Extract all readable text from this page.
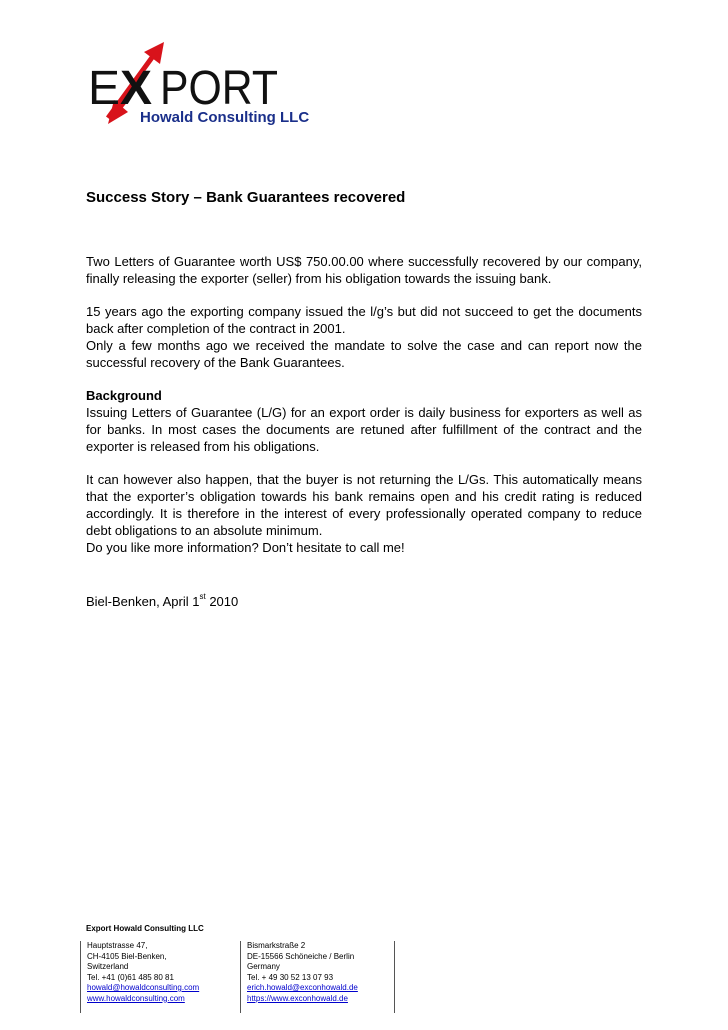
E X PORT
Howald Consulting LLC
Success Story – Bank Guarantees recovered

Two Letters of Guarantee worth US$ 750.00.00 where successfully recovered by our company, finally releasing the exporter (seller) from his obligation towards the issuing bank.

15 years ago the exporting company issued the l/g’s but did not succeed to get the documents back after completion of the contract in 2001.

Only a few months ago we received the mandate to solve the case and can report now the successful recovery of the Bank Guarantees.

Background
Issuing Letters of Guarantee (L/G) for an export order is daily business for exporters as well as for banks. In most cases the documents are retuned after fulfillment of the contract and the exporter is released from his obligations.

It can however also happen, that the buyer is not returning the L/Gs. This automatically means that the exporter’s obligation towards his bank remains open and his credit rating is reduced accordingly. It is therefore in the interest of every professionally operated company to reduce debt obligations to an absolute minimum.

Do you like more information? Don’t hesitate to call me!

Biel-Benken, April 1st 2010
Export Howald Consulting LLC
Hauptstrasse 47,
CH-4105 Biel-Benken,
Switzerland
Tel. +41 (0)61 485 80 81
howald@howaldconsulting.com
www.howaldconsulting.com
Bismarkstraße 2
DE-15566 Schöneiche / Berlin
Germany
Tel. + 49 30 52 13 07 93
erich.howald@exconhowald.de
https://www.exconhowald.de
